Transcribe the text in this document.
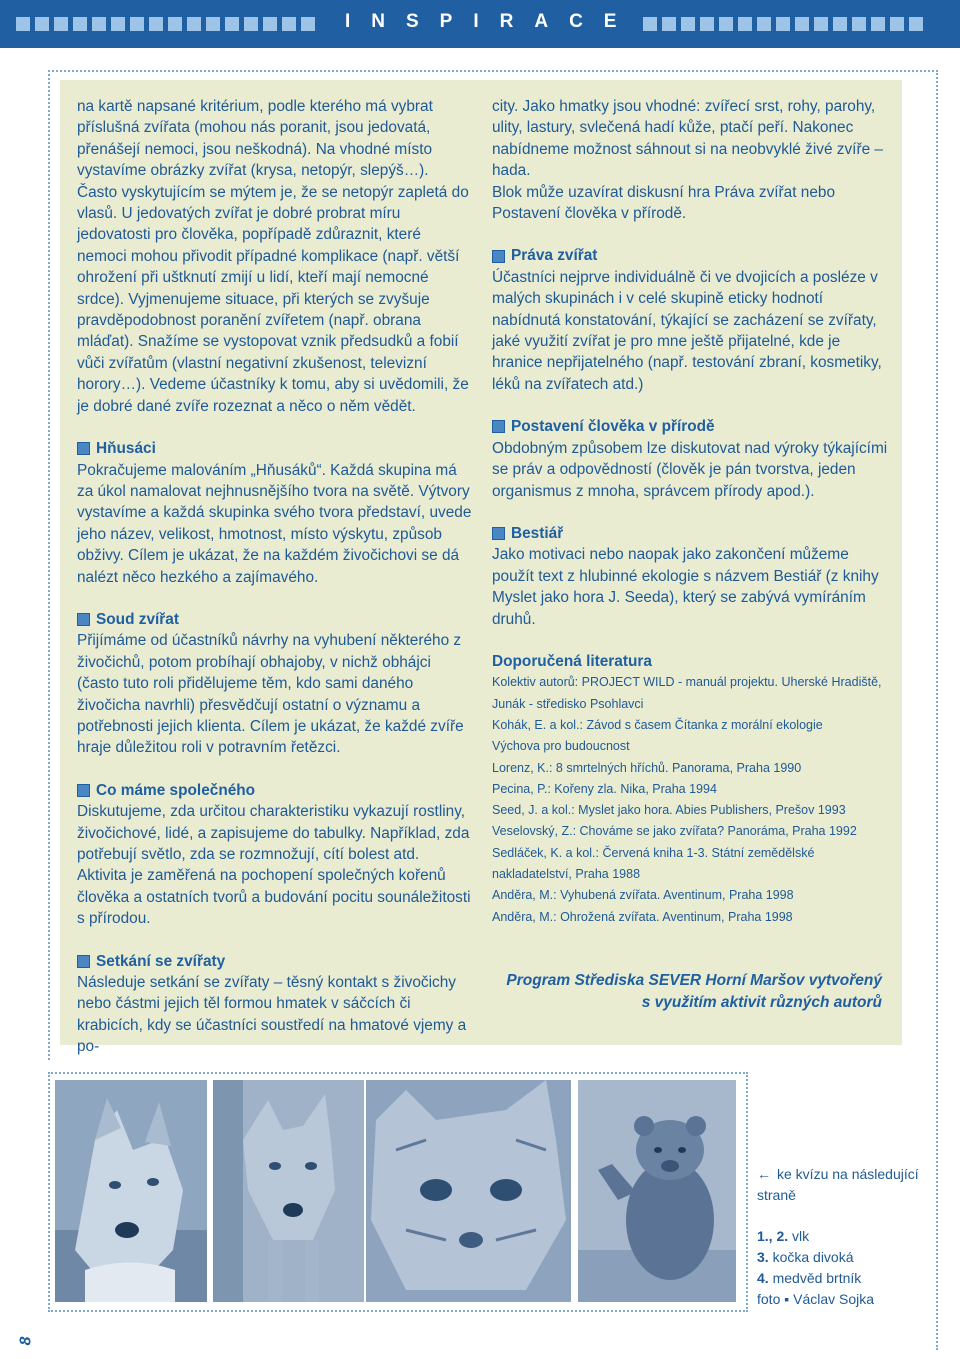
INSPIRACE

na kartě napsané kritérium, podle kterého má vybrat příslušná zvířata (mohou nás poranit, jsou jedovatá, přenášejí nemoci, jsou neškodná). Na vhodné místo vystavíme obrázky zvířat (krysa, netopýr, slepýš…). Často vyskytujícím se mýtem je, že se netopýr zapletá do vlasů. U jedovatých zvířat je dobré probrat míru jedovatosti pro člověka, popřípadě zdůraznit, které nemoci mohou přivodit případné komplikace (např. větší ohrožení při uštknutí zmijí u lidí, kteří mají nemocné srdce). Vyjmenujeme situace, při kterých se zvyšuje pravděpodobnost poranění zvířetem (např. obrana mláďat). Snažíme se vystopovat vznik předsudků a fobií vůči zvířatům (vlastní negativní zkušenost, televizní horory…). Vedeme účastníky k tomu, aby si uvědomili, že je dobré dané zvíře rozeznat a něco o něm vědět.

Hňusáci

Pokračujeme malováním „Hňusáků“. Každá skupina má za úkol namalovat nejhnusnějšího tvora na světě. Výtvory vystavíme a každá skupinka svého tvora představí, uvede jeho název, velikost, hmotnost, místo výskytu, způsob obživy. Cílem je ukázat, že na každém živočichovi se dá nalézt něco hezkého a zajímavého.

Soud zvířat

Přijímáme od účastníků návrhy na vyhubení některého z živočichů, potom probíhají obhajoby, v nichž obhájci (často tuto roli přidělujeme těm, kdo sami daného živočicha navrhli) přesvědčují ostatní o významu a potřebnosti jejich klienta. Cílem je ukázat, že každé zvíře hraje důležitou roli v potravním řetězci.

Co máme společného

Diskutujeme, zda určitou charakteristiku vykazují rostliny, živočichové, lidé, a zapisujeme do tabulky. Například, zda potřebují světlo, zda se rozmnožují, cítí bolest atd. Aktivita je zaměřená na pochopení společných kořenů člověka a ostatních tvorů a budování pocitu sounáležitosti s přírodou.

Setkání se zvířaty

Následuje setkání se zvířaty – těsný kontakt s živočichy nebo částmi jejich těl formou hmatek v sáčcích či krabicích, kdy se účastníci soustředí na hmatové vjemy a po-

city. Jako hmatky jsou vhodné: zvířecí srst, rohy, parohy, ulity, lastury, svlečená hadí kůže, ptačí peří. Nakonec nabídneme možnost sáhnout si na neobvyklé živé zvíře – hada.

Blok může uzavírat diskusní hra Práva zvířat nebo Postavení člověka v přírodě.

Práva zvířat

Účastníci nejprve individuálně či ve dvojicích a posléze v malých skupinách i v celé skupině eticky hodnotí nabídnutá konstatování, týkající se zacházení se zvířaty, jaké využití zvířat je pro mne ještě přijatelné, kde je hranice nepřijatelného (např. testování zbraní, kosmetiky, léků na zvířatech atd.)

Postavení člověka v přírodě

Obdobným způsobem lze diskutovat nad výroky týkajícími se práv a odpovědností (člověk je pán tvorstva, jeden organismus z mnoha, správcem přírody apod.).

Bestiář

Jako motivaci nebo naopak jako zakončení můžeme použít text z hlubinné ekologie s názvem Bestiář (z knihy Myslet jako hora J. Seeda), který se zabývá vymíráním druhů.

Doporučená literatura
Kolektiv autorů: PROJECT WILD - manuál projektu. Uherské Hradiště, Junák - středisko Psohlavci
Kohák, E. a kol.: Závod s časem Čítanka z morální ekologie
Výchova pro budoucnost
Lorenz, K.: 8 smrtelných hříchů. Panorama, Praha 1990
Pecina, P.: Kořeny zla. Nika, Praha 1994
Seed, J. a kol.: Myslet jako hora. Abies Publishers, Prešov 1993
Veselovský, Z.: Chováme se jako zvířata? Panoráma, Praha 1992
Sedláček, K. a kol.: Červená kniha 1-3. Státní zemědělské nakladatelství, Praha 1988
Anděra, M.: Vyhubená zvířata. Aventinum, Praha 1998
Anděra, M.: Ohrožená zvířata. Aventinum, Praha 1998
Program Střediska SEVER Horní Maršov vytvořený
s využitím aktivit různých autorů
← ke kvízu na následující straně
1., 2. vlk
3. kočka divoká
4. medvěd brtník
foto ▪ Václav Sojka
8
